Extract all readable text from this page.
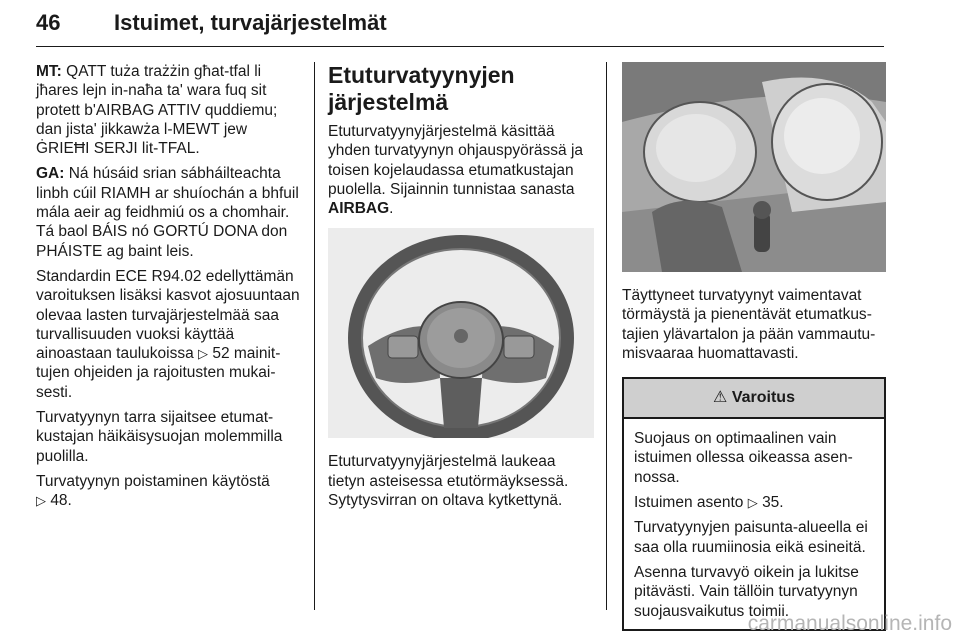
46 Istuimet, turvajärjestelmät

MT: QATT tuża trażżin għat-tfal li jħares lejn in-naħa ta' wara fuq sit protett b'AIRBAG ATTIV quddiemu; dan jista' jikkawża l-MEWT jew ĠRIEĦI SERJI lit-TFAL.

GA: Ná húsáid srian sábháilteachta linbh cúil RIAMH ar shuíochán a bhfuil mála aeir ag feidhmiú os a chomhair. Tá baol BÁIS nó GORTÚ DONA don PHÁISTE ag baint leis.

Standardin ECE R94.02 edellyttämän varoituksen lisäksi kasvot ajosuuntaan olevaa lasten turvajärjestelmää saa turvallisuuden vuoksi käyttää ainoastaan taulukoissa ▷ 52 mainittujen ohjeiden ja rajoitusten mukaisesti.

Turvatyynyn tarra sijaitsee etumatkustajan häikäisysuojan molemmilla puolilla.

Turvatyynyn poistaminen käytöstä
▷ 48.

Etuturvatyynyjen järjestelmä

Etuturvatyynyjärjestelmä käsittää yhden turvatyynyn ohjauspyörässä ja toisen kojelaudassa etumatkustajan puolella. Sijainnin tunnistaa sanasta AIRBAG.

Etuturvatyynyjärjestelmä laukeaa tietyn asteisessa etutörmäyksessä. Sytytysvirran on oltava kytkettynä.

Täyttyneet turvatyynyt vaimentavat törmäystä ja pienentävät etumatkustajien ylävartalon ja pään vammautumisvaaraa huomattavasti.

⚠ Varoitus

Suojaus on optimaalinen vain istuimen ollessa oikeassa asennossa.

Istuimen asento ▷ 35.

Turvatyynyjen paisunta-alueella ei saa olla ruumiinosia eikä esineitä.

Asenna turvavyö oikein ja lukitse pitävästi. Vain tällöin turvatyynyn suojausvaikutus toimii.

carmanualsonline.info
